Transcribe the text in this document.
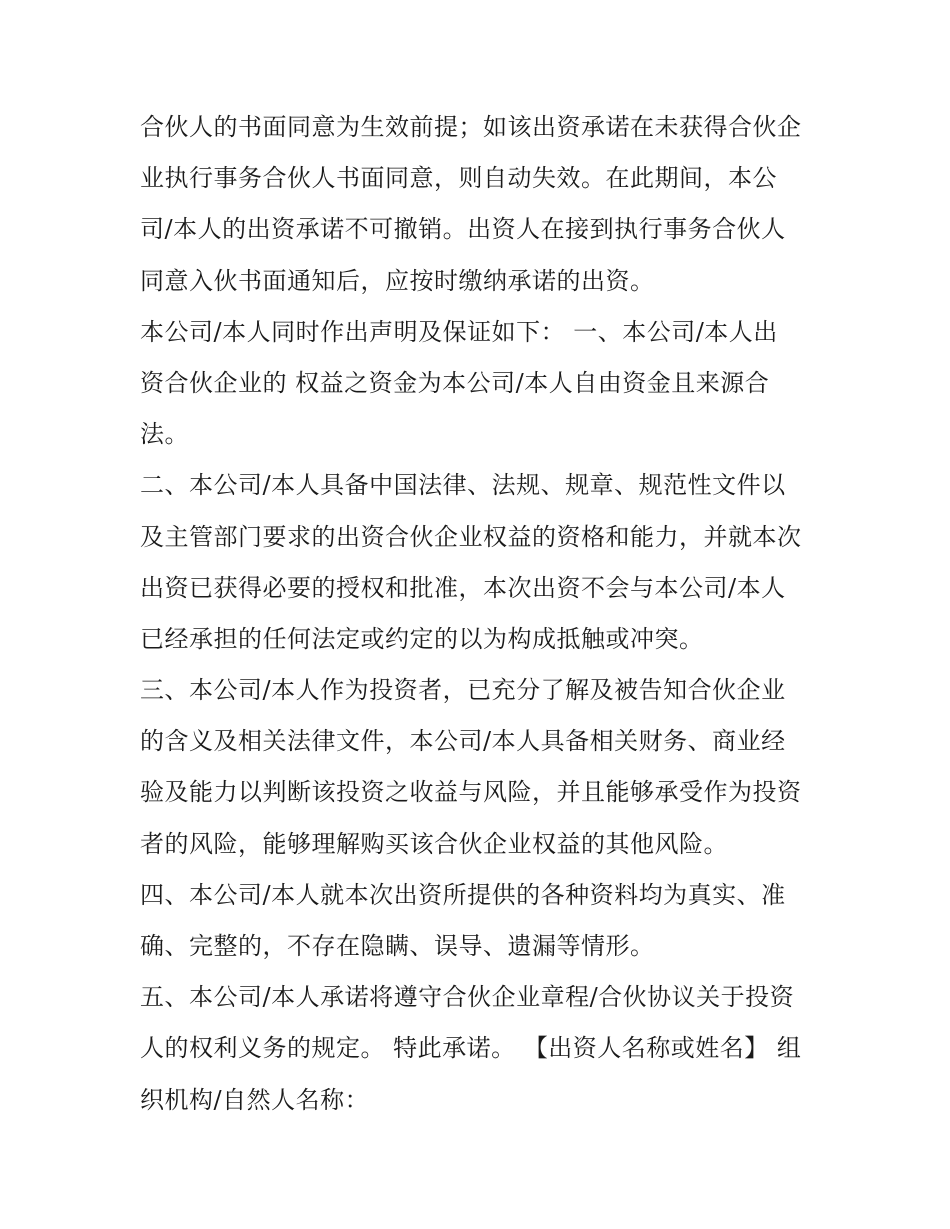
合伙人的书面同意为生效前提；如该出资承诺在未获得合伙企
业执行事务合伙人书面同意，则自动失效。在此期间，本公
司/本人的出资承诺不可撤销。出资人在接到执行事务合伙人
同意入伙书面通知后，应按时缴纳承诺的出资。

本公司/本人同时作出声明及保证如下： 一、本公司/本人出
资合伙企业的 权益之资金为本公司/本人自由资金且来源合
法。

二、本公司/本人具备中国法律、法规、规章、规范性文件以
及主管部门要求的出资合伙企业权益的资格和能力，并就本次
出资已获得必要的授权和批准，本次出资不会与本公司/本人
已经承担的任何法定或约定的以为构成抵触或冲突。

三、本公司/本人作为投资者，已充分了解及被告知合伙企业
的含义及相关法律文件，本公司/本人具备相关财务、商业经
验及能力以判断该投资之收益与风险，并且能够承受作为投资
者的风险，能够理解购买该合伙企业权益的其他风险。

四、本公司/本人就本次出资所提供的各种资料均为真实、准
确、完整的，不存在隐瞒、误导、遗漏等情形。

五、本公司/本人承诺将遵守合伙企业章程/合伙协议关于投资
人的权利义务的规定。 特此承诺。 【出资人名称或姓名】 组
织机构/自然人名称：
